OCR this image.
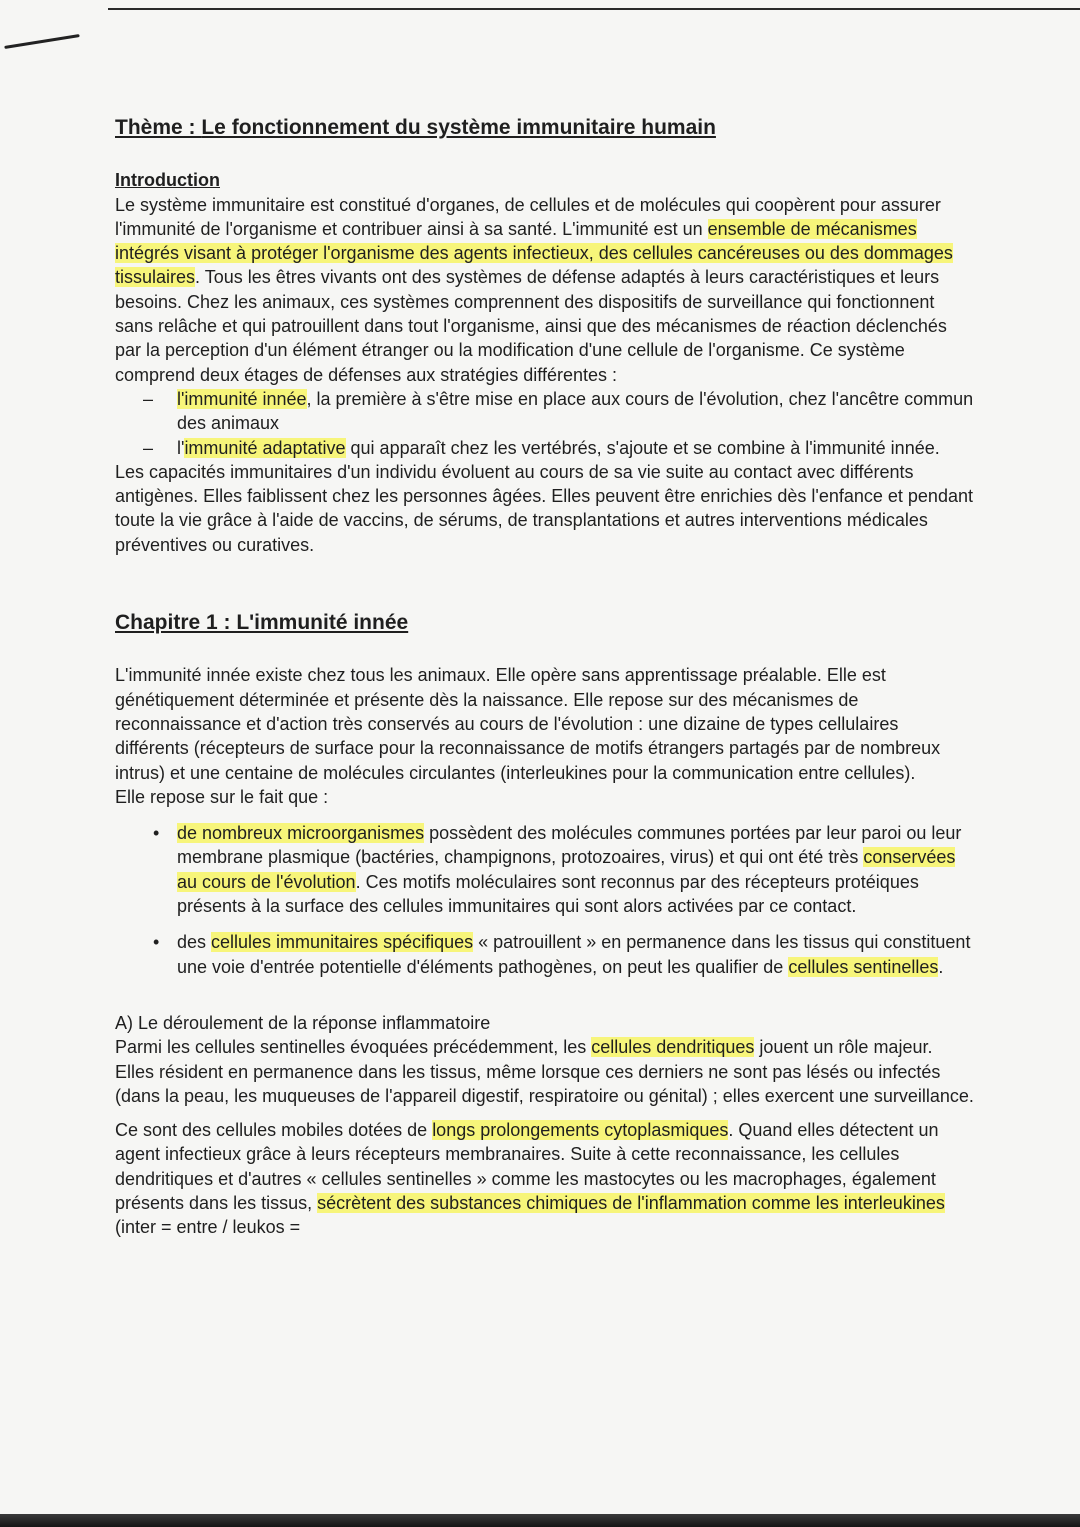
Thème : Le fonctionnement du système immunitaire humain
Introduction

Le système immunitaire est constitué d'organes, de cellules et de molécules qui coopèrent pour assurer l'immunité de l'organisme et contribuer ainsi à sa santé. L'immunité est un ensemble de mécanismes intégrés visant à protéger l'organisme des agents infectieux, des cellules cancéreuses ou des dommages tissulaires. Tous les êtres vivants ont des systèmes de défense adaptés à leurs caractéristiques et leurs besoins. Chez les animaux, ces systèmes comprennent des dispositifs de surveillance qui fonctionnent sans relâche et qui patrouillent dans tout l'organisme, ainsi que des mécanismes de réaction déclenchés par la perception d'un élément étranger ou la modification d'une cellule de l'organisme. Ce système comprend deux étages de défenses aux stratégies différentes :

– l'immunité innée, la première à s'être mise en place aux cours de l'évolution, chez l'ancêtre commun des animaux
– l'immunité adaptative qui apparaît chez les vertébrés, s'ajoute et se combine à l'immunité innée.

Les capacités immunitaires d'un individu évoluent au cours de sa vie suite au contact avec différents antigènes. Elles faiblissent chez les personnes âgées. Elles peuvent être enrichies dès l'enfance et pendant toute la vie grâce à l'aide de vaccins, de sérums, de transplantations et autres interventions médicales préventives ou curatives.

Chapitre 1 : L'immunité innée

L'immunité innée existe chez tous les animaux. Elle opère sans apprentissage préalable. Elle est génétiquement déterminée et présente dès la naissance. Elle repose sur des mécanismes de reconnaissance et d'action très conservés au cours de l'évolution : une dizaine de types cellulaires différents (récepteurs de surface pour la reconnaissance de motifs étrangers partagés par de nombreux intrus) et une centaine de molécules circulantes (interleukines pour la communication entre cellules).

Elle repose sur le fait que :

• de nombreux microorganismes possèdent des molécules communes portées par leur paroi ou leur membrane plasmique (bactéries, champignons, protozoaires, virus) et qui ont été très conservées au cours de l'évolution. Ces motifs moléculaires sont reconnus par des récepteurs protéiques présents à la surface des cellules immunitaires qui sont alors activées par ce contact.
• des cellules immunitaires spécifiques « patrouillent » en permanence dans les tissus qui constituent une voie d'entrée potentielle d'éléments pathogènes, on peut les qualifier de cellules sentinelles.

A) Le déroulement de la réponse inflammatoire

Parmi les cellules sentinelles évoquées précédemment, les cellules dendritiques jouent un rôle majeur. Elles résident en permanence dans les tissus, même lorsque ces derniers ne sont pas lésés ou infectés (dans la peau, les muqueuses de l'appareil digestif, respiratoire ou génital) ; elles exercent une surveillance.

Ce sont des cellules mobiles dotées de longs prolongements cytoplasmiques. Quand elles détectent un agent infectieux grâce à leurs récepteurs membranaires. Suite à cette reconnaissance, les cellules dendritiques et d'autres « cellules sentinelles » comme les mastocytes ou les macrophages, également présents dans les tissus, sécrètent des substances chimiques de l'inflammation comme les interleukines (inter = entre / leukos =
